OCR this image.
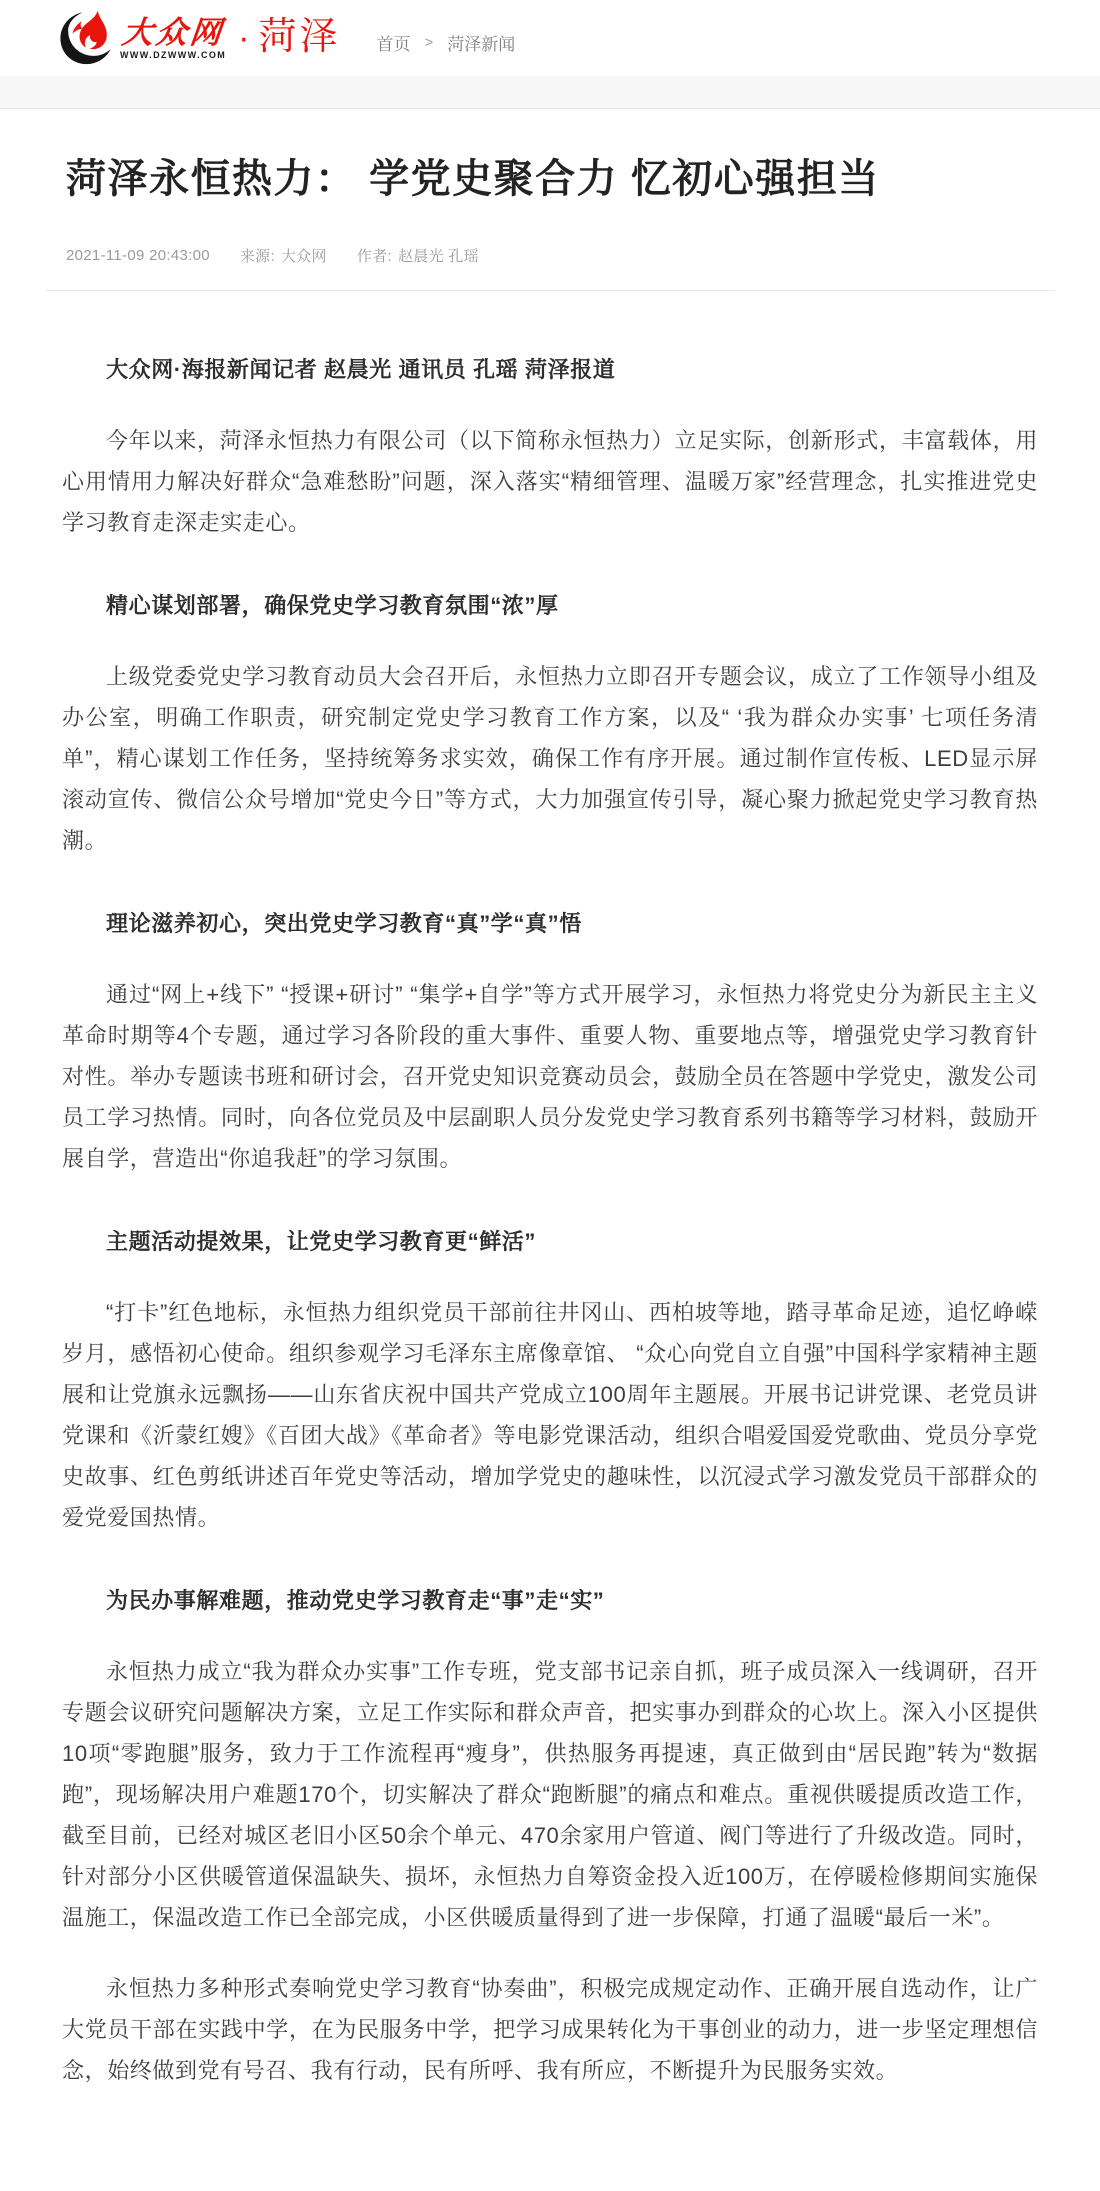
大众网
WWW.DZWWW.COM · 菏泽 首页 > 菏泽新闻
菏泽永恒热力： 学党史聚合力 忆初心强担当
2021-11-09 20:43:00 来源: 大众网 作者: 赵晨光 孔瑶

大众网·海报新闻记者 赵晨光 通讯员 孔瑶 菏泽报道

今年以来，菏泽永恒热力有限公司（以下简称永恒热力）立足实际，创新形式，丰富载体，用心用情用力解决好群众“急难愁盼”问题，深入落实“精细管理、温暖万家”经营理念，扎实推进党史学习教育走深走实走心。

精心谋划部署，确保党史学习教育氛围“浓”厚

上级党委党史学习教育动员大会召开后，永恒热力立即召开专题会议，成立了工作领导小组及办公室，明确工作职责，研究制定党史学习教育工作方案，以及“ ‘我为群众办实事’ 七项任务清单”，精心谋划工作任务，坚持统筹务求实效，确保工作有序开展。通过制作宣传板、LED显示屏滚动宣传、微信公众号增加“党史今日”等方式，大力加强宣传引导，凝心聚力掀起党史学习教育热潮。

理论滋养初心，突出党史学习教育“真”学“真”悟

通过“网上+线下” “授课+研讨” “集学+自学”等方式开展学习，永恒热力将党史分为新民主主义革命时期等4个专题，通过学习各阶段的重大事件、重要人物、重要地点等，增强党史学习教育针对性。举办专题读书班和研讨会，召开党史知识竞赛动员会，鼓励全员在答题中学党史，激发公司员工学习热情。同时，向各位党员及中层副职人员分发党史学习教育系列书籍等学习材料，鼓励开展自学，营造出“你追我赶”的学习氛围。

主题活动提效果，让党史学习教育更“鲜活”

“打卡”红色地标，永恒热力组织党员干部前往井冈山、西柏坡等地，踏寻革命足迹，追忆峥嵘岁月，感悟初心使命。组织参观学习毛泽东主席像章馆、 “众心向党自立自强”中国科学家精神主题展和让党旗永远飘扬——山东省庆祝中国共产党成立100周年主题展。开展书记讲党课、老党员讲党课和《沂蒙红嫂》《百团大战》《革命者》等电影党课活动，组织合唱爱国爱党歌曲、党员分享党史故事、红色剪纸讲述百年党史等活动，增加学党史的趣味性，以沉浸式学习激发党员干部群众的爱党爱国热情。

为民办事解难题，推动党史学习教育走“事”走“实”

永恒热力成立“我为群众办实事”工作专班，党支部书记亲自抓，班子成员深入一线调研，召开专题会议研究问题解决方案，立足工作实际和群众声音，把实事办到群众的心坎上。深入小区提供10项“零跑腿”服务，致力于工作流程再“瘦身”，供热服务再提速，真正做到由“居民跑”转为“数据跑”，现场解决用户难题170个，切实解决了群众“跑断腿”的痛点和难点。重视供暖提质改造工作，截至目前，已经对城区老旧小区50余个单元、470余家用户管道、阀门等进行了升级改造。同时，针对部分小区供暖管道保温缺失、损坏，永恒热力自筹资金投入近100万，在停暖检修期间实施保温施工，保温改造工作已全部完成，小区供暖质量得到了进一步保障，打通了温暖“最后一米”。

永恒热力多种形式奏响党史学习教育“协奏曲”，积极完成规定动作、正确开展自选动作，让广大党员干部在实践中学，在为民服务中学，把学习成果转化为干事创业的动力，进一步坚定理想信念，始终做到党有号召、我有行动，民有所呼、我有所应，不断提升为民服务实效。
